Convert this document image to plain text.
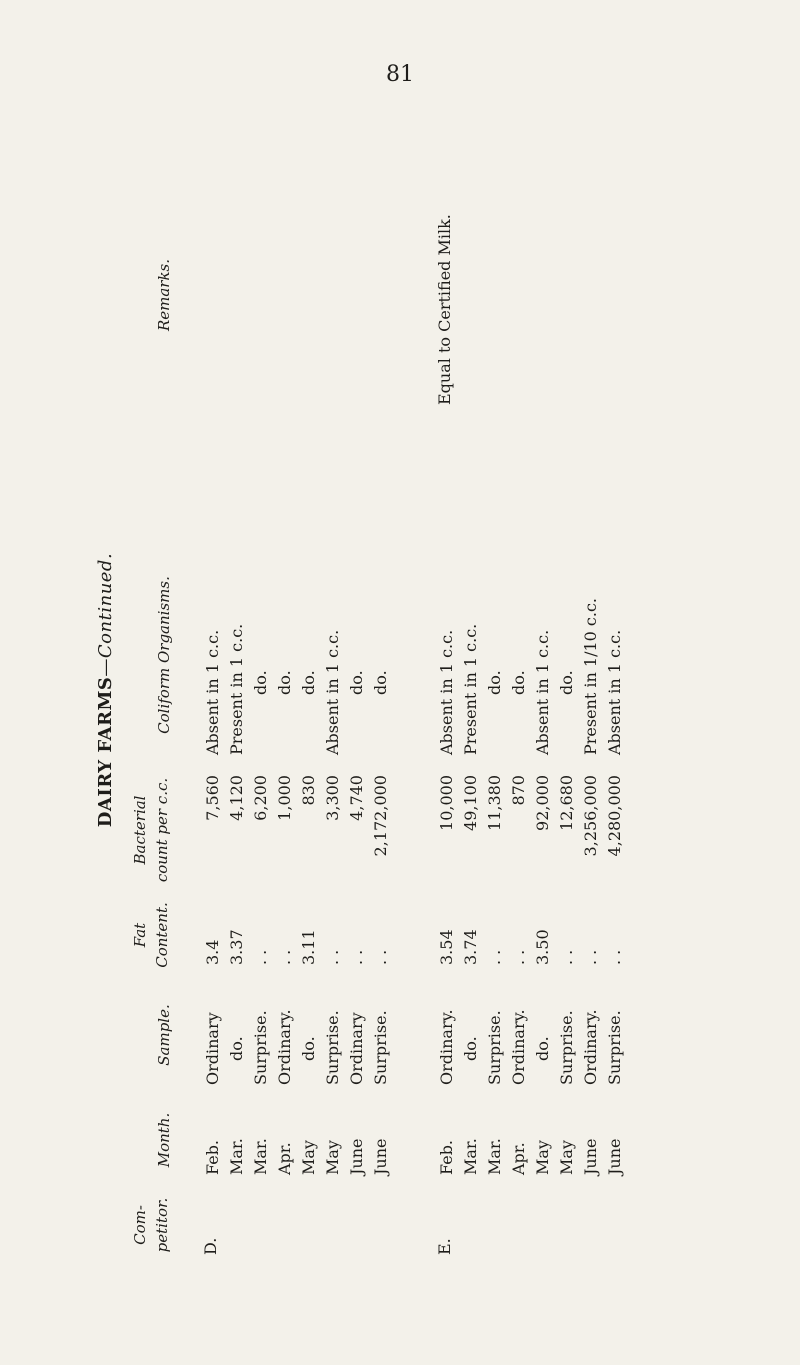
81
DAIRY FARMS—Continued.
Com- petitor.
Month.
Sample.
Fat Content.
Bacterial count per c.c.
Coliform Organisms.
Remarks.
D.
Feb. Mar. Mar. Apr. May May June June
Ordinary do. Surprise. Ordinary. do. Surprise. Ordinary Surprise.
3.4 3.37 . . . . 3.11 . . . . . .
7,560 4,120 6,200 1,000 830 3,300 4,740 2,172,000
Absent in 1 c.c. Present in 1 c.c. do. do. do. Absent in 1 c.c. do. do.
E.
Feb. Mar. Mar. Apr. May May June June
Ordinary. do. Surprise. Ordinary. do. Surprise. Ordinary. Surprise.
3.54 3.74 . . . . 3.50 . . . . . .
10,000 49,100 11,380 870 92,000 12,680 3,256,000 4,280,000
Absent in 1 c.c. Present in 1 c.c. do. do. Absent in 1 c.c. do. Present in 1/10 c.c. Absent in 1 c.c.
Equal to Certified Milk.
